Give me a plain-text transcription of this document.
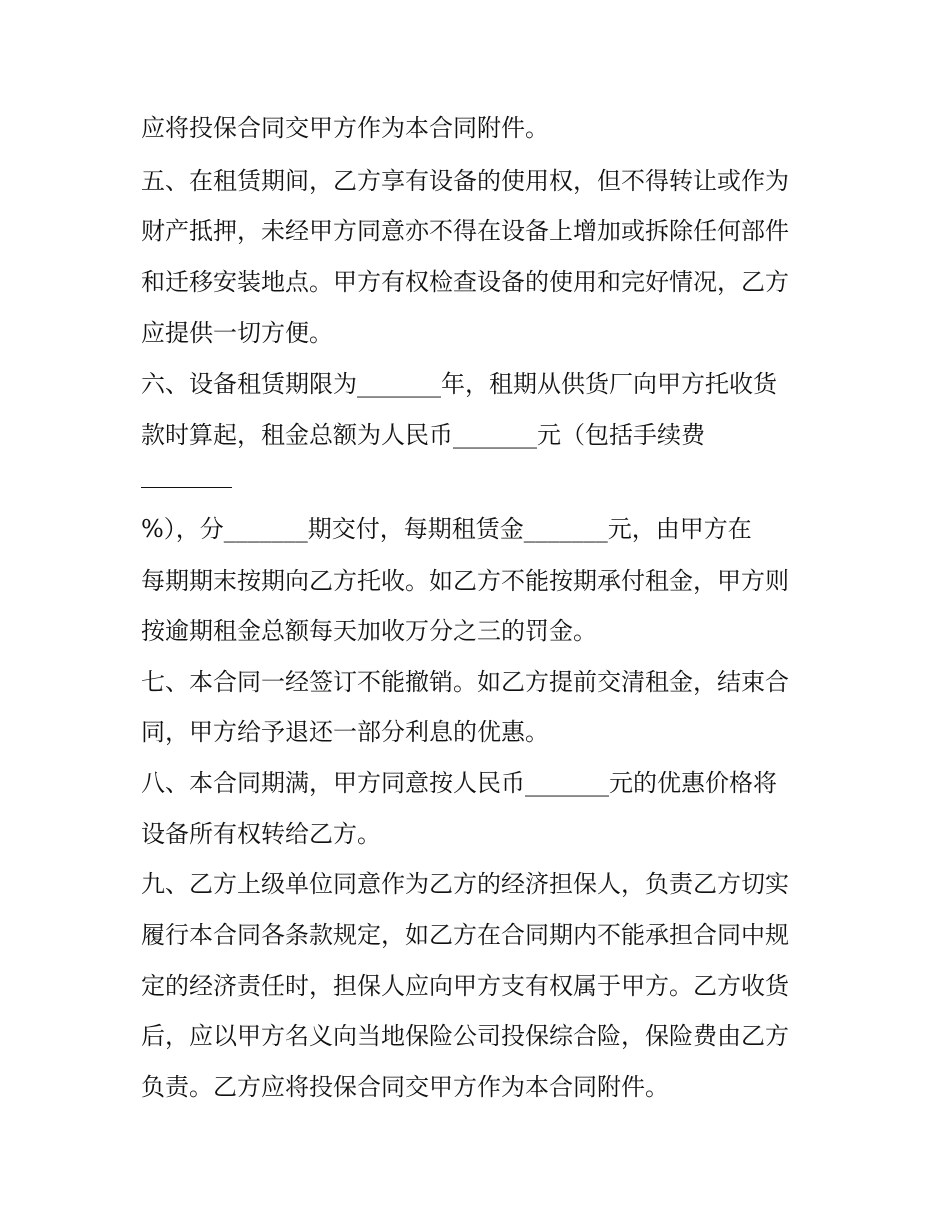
应将投保合同交甲方作为本合同附件。
五、在租赁期间，乙方享有设备的使用权，但不得转让或作为
财产抵押，未经甲方同意亦不得在设备上增加或拆除任何部件
和迁移安装地点。甲方有权检查设备的使用和完好情况，乙方
应提供一切方便。
六、设备租赁期限为_______年，租期从供货厂向甲方托收货
款时算起，租金总额为人民币_______元（包括手续费
%），分_______期交付，每期租赁金_______元，由甲方在
每期期末按期向乙方托收。如乙方不能按期承付租金，甲方则
按逾期租金总额每天加收万分之三的罚金。
七、本合同一经签订不能撤销。如乙方提前交清租金，结束合
同，甲方给予退还一部分利息的优惠。
八、本合同期满，甲方同意按人民币_______元的优惠价格将
设备所有权转给乙方。
九、乙方上级单位同意作为乙方的经济担保人，负责乙方切实
履行本合同各条款规定，如乙方在合同期内不能承担合同中规
定的经济责任时，担保人应向甲方支有权属于甲方。乙方收货
后，应以甲方名义向当地保险公司投保综合险，保险费由乙方
负责。乙方应将投保合同交甲方作为本合同附件。
